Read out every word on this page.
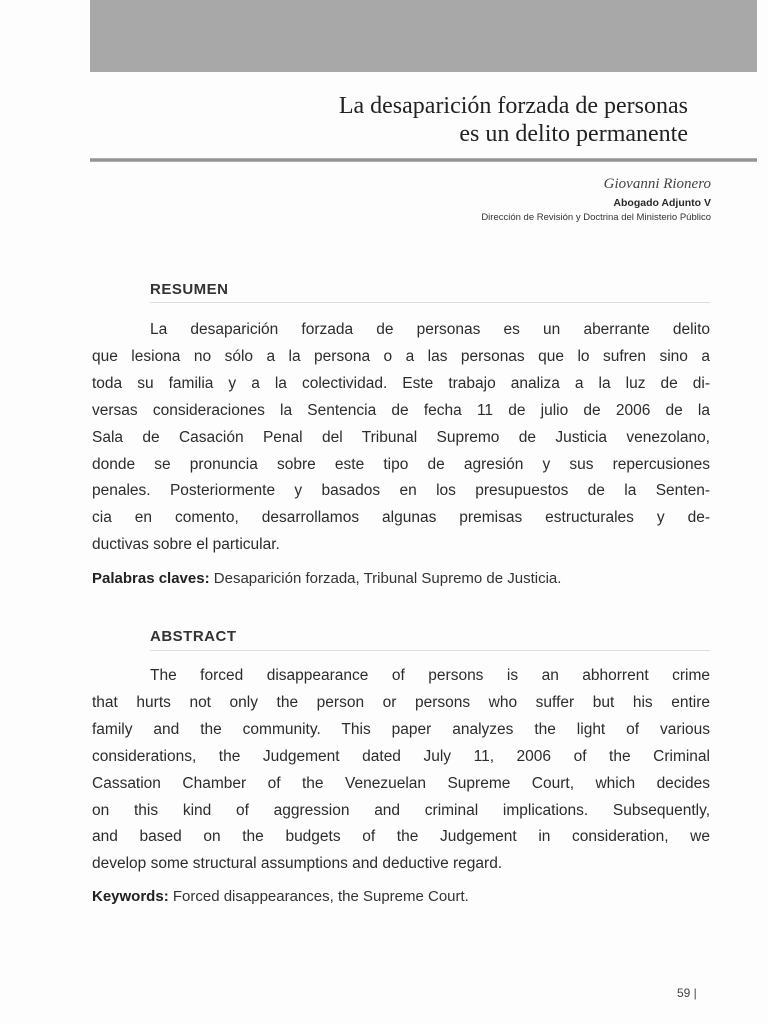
La desaparición forzada de personas
es un delito permanente
Giovanni Rionero
Abogado Adjunto V
Dirección de Revisión y Doctrina del Ministerio Público
RESUMEN
La desaparición forzada de personas es un aberrante delito
que lesiona no sólo a la persona o a las personas que lo sufren sino a
toda su familia y a la colectividad. Este trabajo analiza a la luz de di-
versas consideraciones la Sentencia de fecha 11 de julio de 2006 de la
Sala de Casación Penal del Tribunal Supremo de Justicia venezolano,
donde se pronuncia sobre este tipo de agresión y sus repercusiones
penales. Posteriormente y basados en los presupuestos de la Senten-
cia en comento, desarrollamos algunas premisas estructurales y de-
ductivas sobre el particular.
Palabras claves: Desaparición forzada, Tribunal Supremo de Justicia.
ABSTRACT
The forced disappearance of persons is an abhorrent crime
that hurts not only the person or persons who suffer but his entire
family and the community. This paper analyzes the light of various
considerations, the Judgement dated July 11, 2006 of the Criminal
Cassation Chamber of the Venezuelan Supreme Court, which decides
on this kind of aggression and criminal implications. Subsequently,
and based on the budgets of the Judgement in consideration, we
develop some structural assumptions and deductive regard.
Keywords: Forced disappearances, the Supreme Court.
59 |
